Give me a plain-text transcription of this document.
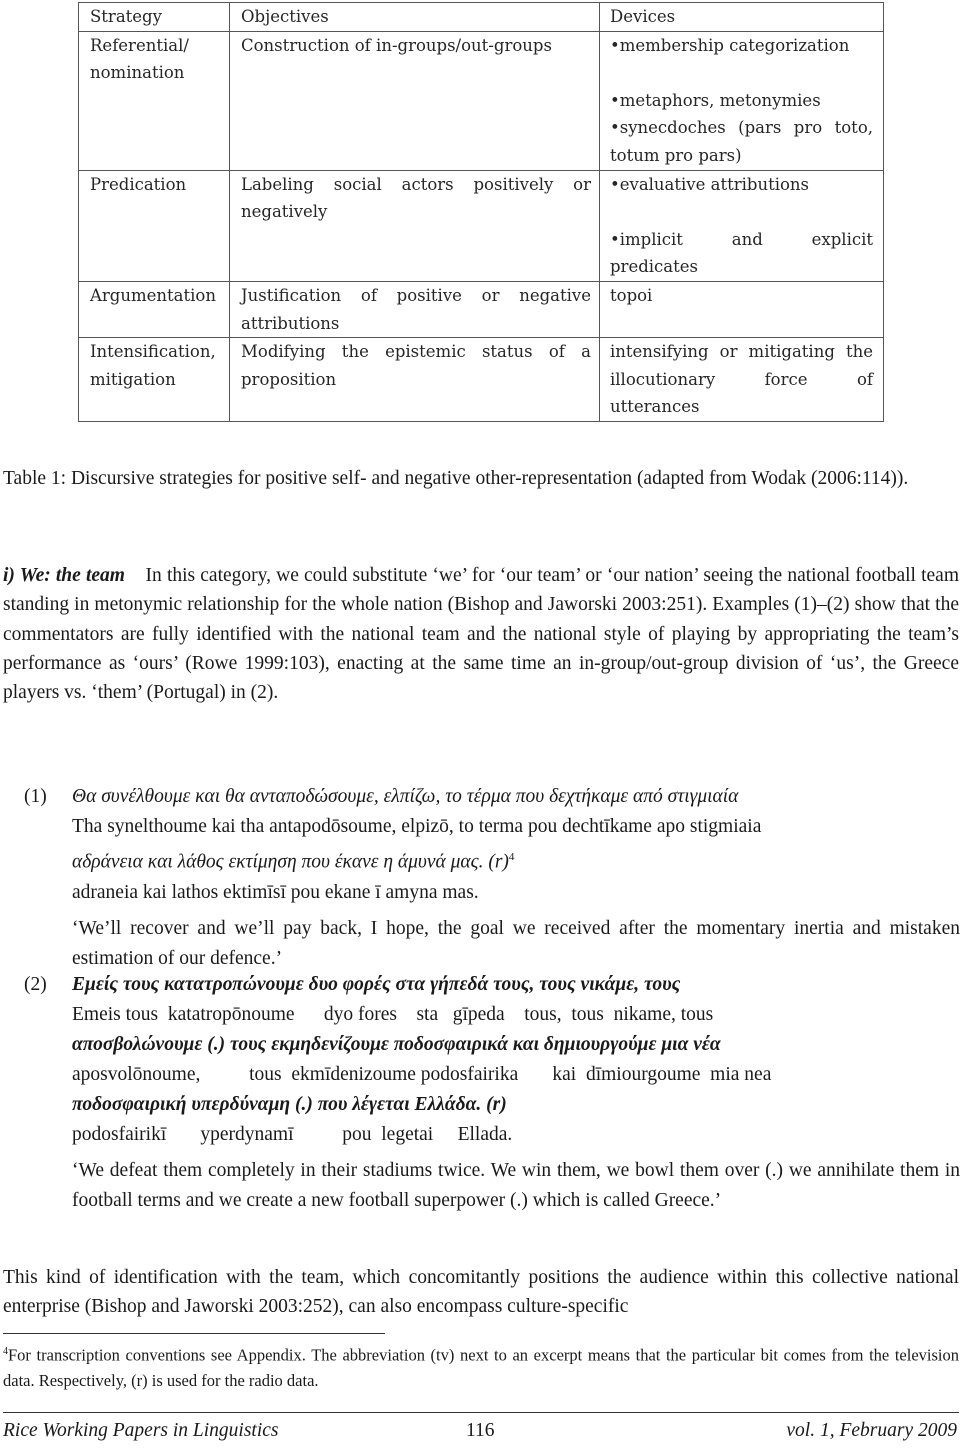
Strategy	Objectives	Devices
Referential/ nomination	Construction of in-groups/out-groups	•membership categorization
•metaphors, metonymies
•synecdoches (pars pro toto, totum pro pars)

Predication	Labeling social actors positively or negatively	•evaluative attributions
•implicit and explicit predicates

Argumentation	Justification of positive or negative attributions	topoi

Intensification, mitigation	Modifying the epistemic status of a proposition	intensifying or mitigating the illocutionary force of utterances
Table 1: Discursive strategies for positive self- and negative other-representation (adapted from Wodak (2006:114)).
i) We: the team In this category, we could substitute ‘we’ for ‘our team’ or ‘our nation’ seeing the national football team standing in metonymic relationship for the whole nation (Bishop and Jaworski 2003:251). Examples (1)–(2) show that the commentators are fully identified with the national team and the national style of playing by appropriating the team’s performance as ‘ours’ (Rowe 1999:103), enacting at the same time an in-group/out-group division of ‘us’, the Greece players vs. ‘them’ (Portugal) in (2).
(1) Θα συνέλθουμε και θα ανταποδώσουμε, ελπίζω, το τέρμα που δεχτήκαμε από στιγμιαία
Tha synelthoume kai tha antapodōsoume, elpizō, to terma pou dechtīkame apo stigmiaia
αδράνεια και λάθος εκτίμηση που έκανε η άμυνά μας. $(r)^4$
adraneia kai lathos ektimīsī pou ekane ī amyna mas.
‘We’ll recover and we’ll pay back, I hope, the goal we received after the momentary inertia and mistaken estimation of our defence.’
(2) Εμείς τους κατατροπώνουμε δυο φορές στα γήπεδά τους, τους νικάμε, τους
Emeis tous  katatropōnoume      dyo fores    sta   gīpeda    tous,  tous  nikame, tous
αποσβολώνουμε (.) τους εκμηδενίζουμε ποδοσφαιρικά και δημιουργούμε μια νέα
aposvolōnoume,          tous  ekmīdenizoume podosfairika       kai  dīmiourgoume  mia nea
ποδοσφαιρική υπερδύναμη (.) που λέγεται Ελλάδα. (r)
podosfairikī       yperdynamī          pou  legetai     Ellada.
‘We defeat them completely in their stadiums twice. We win them, we bowl them over (.) we annihilate them in football terms and we create a new football superpower (.) which is called Greece.’
This kind of identification with the team, which concomitantly positions the audience within this collective national enterprise (Bishop and Jaworski 2003:252), can also encompass culture-specific
$^4$For transcription conventions see Appendix. The abbreviation (tv) next to an excerpt means that the particular bit comes from the television data. Respectively, (r) is used for the radio data.
Rice Working Papers in Linguistics	116	vol. 1, February 2009
